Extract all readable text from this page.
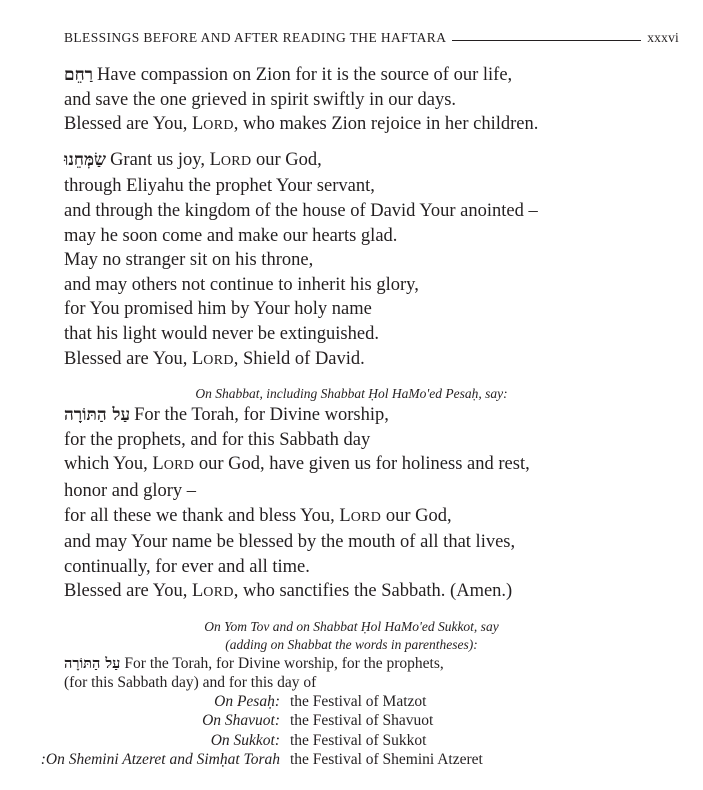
BLESSINGS BEFORE AND AFTER READING THE HAFTARA	xxxvi
רַחֵם Have compassion on Zion for it is the source of our life,
and save the one grieved in spirit swiftly in our days.
Blessed are You, LORD, who makes Zion rejoice in her children.
שַׂמְּחֵנוּ Grant us joy, LORD our God,
through Eliyahu the prophet Your servant,
and through the kingdom of the house of David Your anointed –
may he soon come and make our hearts glad.
May no stranger sit on his throne,
and may others not continue to inherit his glory,
for You promised him by Your holy name
that his light would never be extinguished.
Blessed are You, LORD, Shield of David.
On Shabbat, including Shabbat Ḥol HaMo'ed Pesaḥ, say:
עַל הַתּוֹרָה For the Torah, for Divine worship,
for the prophets, and for this Sabbath day
which You, LORD our God, have given us for holiness and rest,
honor and glory –
for all these we thank and bless You, LORD our God,
and may Your name be blessed by the mouth of all that lives,
continually, for ever and all time.
Blessed are You, LORD, who sanctifies the Sabbath. (Amen.)
On Yom Tov and on Shabbat Ḥol HaMo'ed Sukkot, say
(adding on Shabbat the words in parentheses):
עַל הַתּוֹרָה For the Torah, for Divine worship, for the prophets,
(for this Sabbath day) and for this day of
On Pesaḥ: the Festival of Matzot
On Shavuot: the Festival of Shavuot
On Sukkot: the Festival of Sukkot
On Shemini Atzeret and Simḥat Torah: the Festival of Shemini Atzeret
